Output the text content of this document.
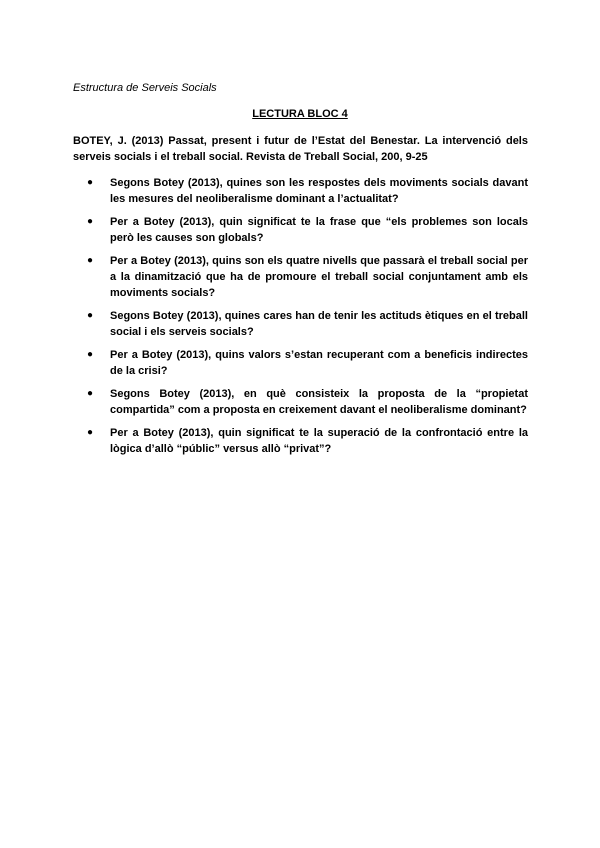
Estructura de Serveis Socials
LECTURA BLOC 4
BOTEY, J. (2013) Passat, present i futur de l’Estat del Benestar. La intervenció dels serveis socials i el treball social. Revista de Treball Social, 200, 9-25
● Segons Botey (2013), quines son les respostes dels moviments socials davant les mesures del neoliberalisme dominant a l’actualitat?
● Per a Botey (2013), quin significat te la frase que “els problemes son locals però les causes son globals?
● Per a Botey (2013), quins son els quatre nivells que passarà el treball social per a la dinamització que ha de promoure el treball social conjuntament amb els moviments socials?
● Segons Botey (2013), quines cares han de tenir les actituds ètiques en el treball social i els serveis socials?
● Per a Botey (2013), quins valors s’estan recuperant com a beneficis indirectes de la crisi?
● Segons Botey (2013), en què consisteix la proposta de la “propietat compartida” com a proposta en creixement davant el neoliberalisme dominant?
● Per a Botey (2013), quin significat te la superació de la confrontació entre la lògica d’allò “públic” versus allò “privat”?
